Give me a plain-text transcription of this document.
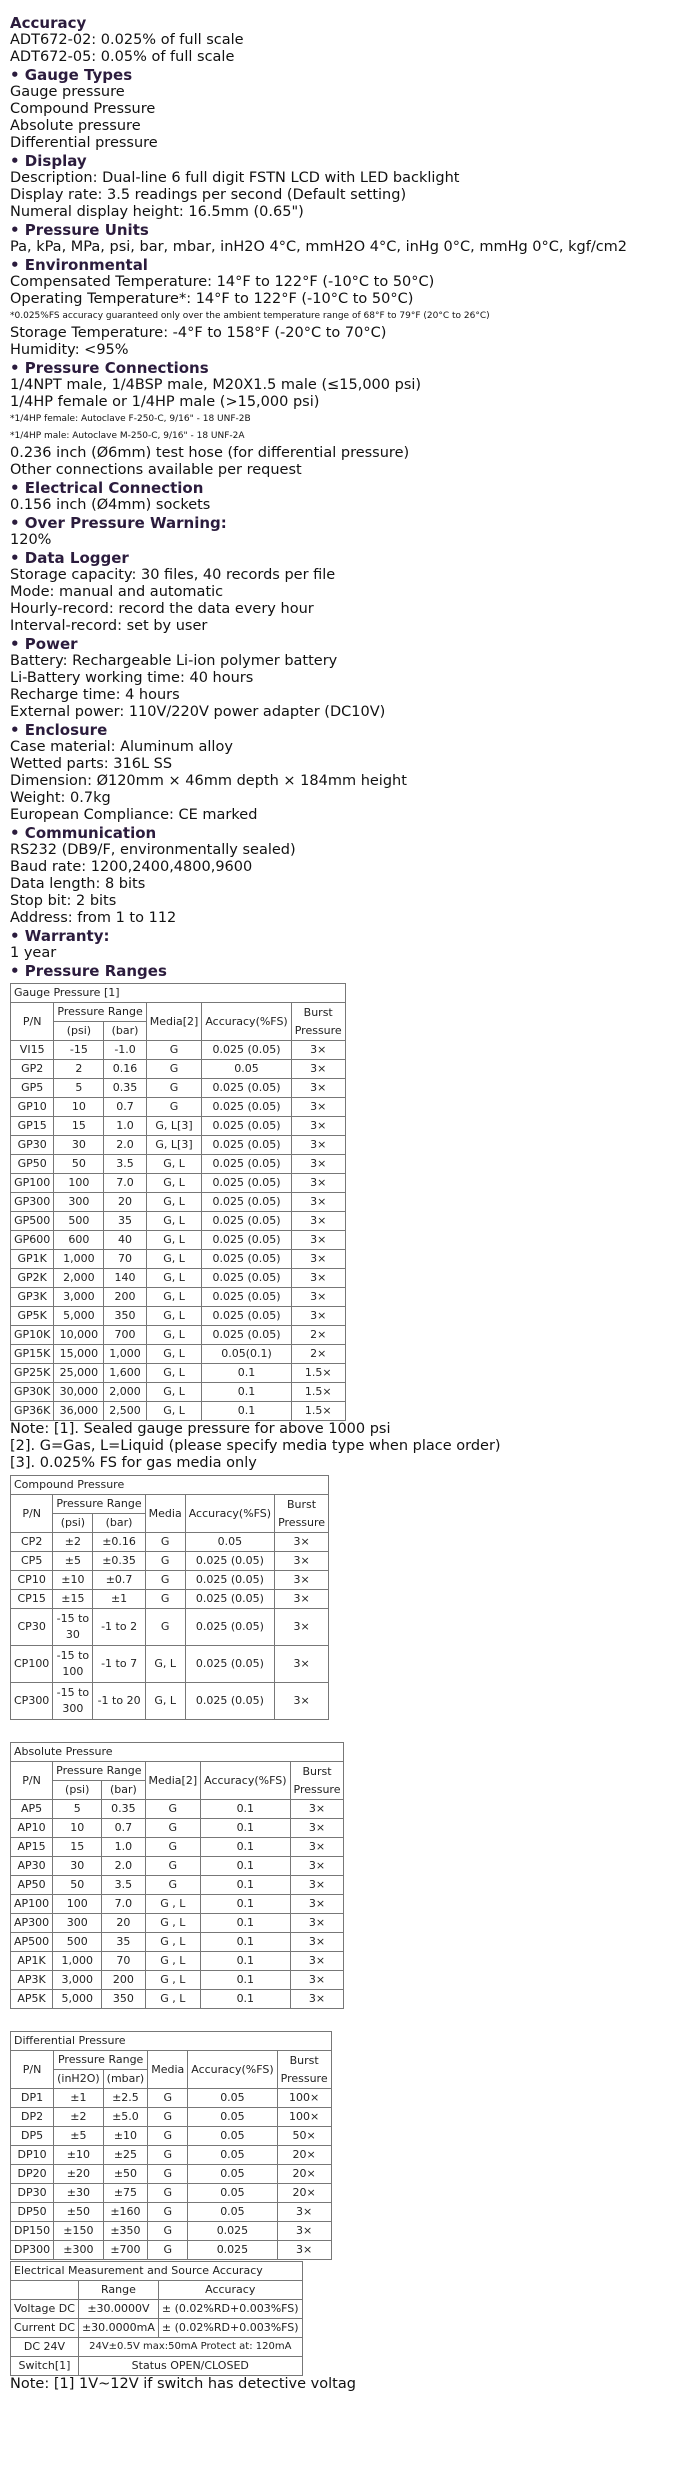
Accuracy
ADT672-02: 0.025% of full scale
ADT672-05: 0.05% of full scale
• Gauge Types
Gauge pressure
Compound Pressure
Absolute pressure
Differential pressure
• Display
Description: Dual-line 6 full digit FSTN LCD with LED backlight
Display rate: 3.5 readings per second (Default setting)
Numeral display height: 16.5mm (0.65")
• Pressure Units
Pa, kPa, MPa, psi, bar, mbar, inH2O 4°C, mmH2O 4°C, inHg 0°C, mmHg 0°C, kgf/cm2
• Environmental
Compensated Temperature: 14°F to 122°F (-10°C to 50°C)
Operating Temperature*: 14°F to 122°F (-10°C to 50°C)
*0.025%FS accuracy guaranteed only over the ambient temperature range of 68°F to 79°F (20°C to 26°C)
Storage Temperature: -4°F to 158°F (-20°C to 70°C)
Humidity: <95%
• Pressure Connections
1/4NPT male, 1/4BSP male, M20X1.5 male (≤15,000 psi)
1/4HP female or 1/4HP male (>15,000 psi)
*1/4HP female: Autoclave F-250-C, 9/16" - 18 UNF-2B
*1/4HP male: Autoclave M-250-C, 9/16" - 18 UNF-2A
0.236 inch (Ø6mm) test hose (for differential pressure)
Other connections available per request
• Electrical Connection
0.156 inch (Ø4mm) sockets
• Over Pressure Warning:
120%
• Data Logger
Storage capacity: 30 files, 40 records per file
Mode: manual and automatic
Hourly-record: record the data every hour
Interval-record: set by user
• Power
Battery: Rechargeable Li-ion polymer battery
Li-Battery working time: 40 hours
Recharge time: 4 hours
External power: 110V/220V power adapter (DC10V)
• Enclosure
Case material: Aluminum alloy
Wetted parts: 316L SS
Dimension: Ø120mm × 46mm depth × 184mm height
Weight: 0.7kg
European Compliance: CE marked
• Communication
RS232 (DB9/F, environmentally sealed)
Baud rate: 1200,2400,4800,9600
Data length: 8 bits
Stop bit: 2 bits
Address: from 1 to 112
• Warranty:
1 year
• Pressure Ranges
Gauge Pressure [1]					
P/N	Pressure Range		Media[2]	Accuracy(%FS)	Burst Pressure
	(psi)	(bar)			
VI15	-15	-1.0	G	0.025 (0.05)	3×
GP2	2	0.16	G	0.05	3×
GP5	5	0.35	G	0.025 (0.05)	3×
GP10	10	0.7	G	0.025 (0.05)	3×
GP15	15	1.0	G, L[3]	0.025 (0.05)	3×
GP30	30	2.0	G, L[3]	0.025 (0.05)	3×
GP50	50	3.5	G, L	0.025 (0.05)	3×
GP100	100	7.0	G, L	0.025 (0.05)	3×
GP300	300	20	G, L	0.025 (0.05)	3×
GP500	500	35	G, L	0.025 (0.05)	3×
GP600	600	40	G, L	0.025 (0.05)	3×
GP1K	1,000	70	G, L	0.025 (0.05)	3×
GP2K	2,000	140	G, L	0.025 (0.05)	3×
GP3K	3,000	200	G, L	0.025 (0.05)	3×
GP5K	5,000	350	G, L	0.025 (0.05)	3×
GP10K	10,000	700	G, L	0.025 (0.05)	2×
GP15K	15,000	1,000	G, L	0.05(0.1)	2×
GP25K	25,000	1,600	G, L	0.1	1.5×
GP30K	30,000	2,000	G, L	0.1	1.5×
GP36K	36,000	2,500	G, L	0.1	1.5×
Note: [1]. Sealed gauge pressure for above 1000 psi
[2]. G=Gas, L=Liquid (please specify media type when place order)
[3]. 0.025% FS for gas media only
Compound Pressure					
P/N	Pressure Range		Media	Accuracy(%FS)	Burst Pressure
	(psi)	(bar)			
CP2	±2	±0.16	G	0.05	3×
CP5	±5	±0.35	G	0.025 (0.05)	3×
CP10	±10	±0.7	G	0.025 (0.05)	3×
CP15	±15	±1	G	0.025 (0.05)	3×
CP30	-15 to 30	-1 to 2	G	0.025 (0.05)	3×
CP100	-15 to 100	-1 to 7	G, L	0.025 (0.05)	3×
CP300	-15 to 300	-1 to 20	G, L	0.025 (0.05)	3×
Absolute Pressure					
P/N	Pressure Range		Media[2]	Accuracy(%FS)	Burst Pressure
	(psi)	(bar)			
AP5	5	0.35	G	0.1	3×
AP10	10	0.7	G	0.1	3×
AP15	15	1.0	G	0.1	3×
AP30	30	2.0	G	0.1	3×
AP50	50	3.5	G	0.1	3×
AP100	100	7.0	G , L	0.1	3×
AP300	300	20	G , L	0.1	3×
AP500	500	35	G , L	0.1	3×
AP1K	1,000	70	G , L	0.1	3×
AP3K	3,000	200	G , L	0.1	3×
AP5K	5,000	350	G , L	0.1	3×
Differential Pressure					
P/N	Pressure Range		Media	Accuracy(%FS)	Burst Pressure
	(inH2O)	(mbar)			
DP1	±1	±2.5	G	0.05	100×
DP2	±2	±5.0	G	0.05	100×
DP5	±5	±10	G	0.05	50×
DP10	±10	±25	G	0.05	20×
DP20	±20	±50	G	0.05	20×
DP30	±30	±75	G	0.05	20×
DP50	±50	±160	G	0.05	3×
DP150	±150	±350	G	0.025	3×
DP300	±300	±700	G	0.025	3×
Electrical Measurement and Source Accuracy		
	Range	Accuracy
Voltage DC	±30.0000V	± (0.02%RD+0.003%FS)
Current DC	±30.0000mA	± (0.02%RD+0.003%FS)
DC 24V	24V±0.5V max:50mA Protect at: 120mA	
Switch[1]	Status OPEN/CLOSED	
Note: [1] 1V~12V if switch has detective voltag
